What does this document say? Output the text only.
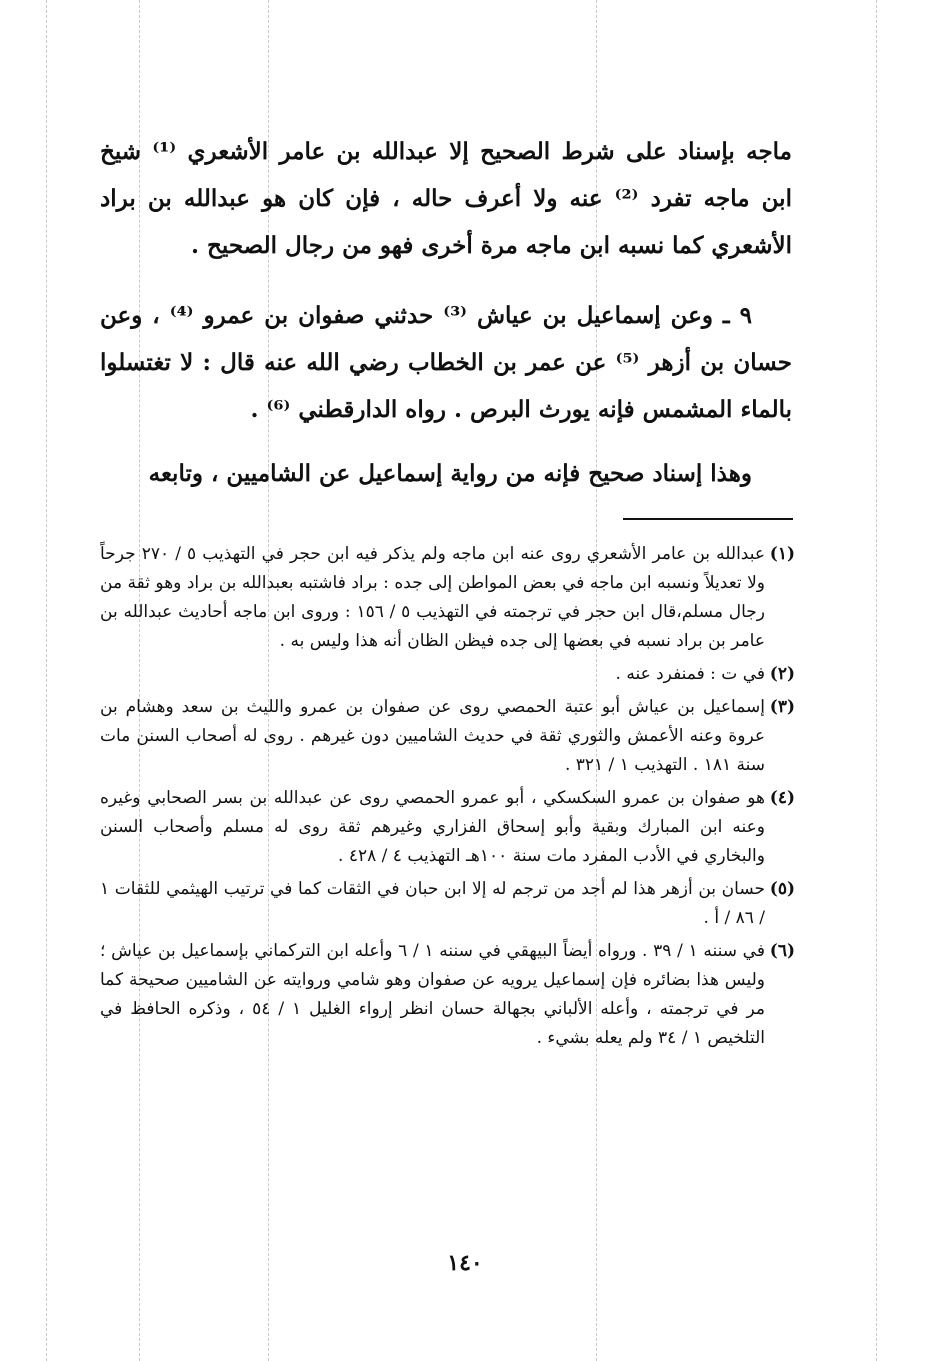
ماجه بإسناد على شرط الصحيح إلا عبدالله بن عامر الأشعري ⁽¹⁾ شيخ ابن ماجه تفرد ⁽²⁾ عنه ولا أعرف حاله ، فإن كان هو عبدالله بن براد الأشعري كما نسبه ابن ماجه مرة أخرى فهو من رجال الصحيح .
٩ ـ وعن إسماعيل بن عياش ⁽³⁾ حدثني صفوان بن عمرو ⁽⁴⁾ ، وعن حسان بن أزهر ⁽⁵⁾ عن عمر بن الخطاب رضي الله عنه قال : لا تغتسلوا بالماء المشمس فإنه يورث البرص . رواه الدارقطني ⁽⁶⁾ .
وهذا إسناد صحيح فإنه من رواية إسماعيل عن الشاميين ، وتابعه
(١)
عبدالله بن عامر الأشعري روى عنه ابن ماجه ولم يذكر فيه ابن حجر في التهذيب ٥ / ٢٧٠ جرحاً ولا تعديلاً ونسبه ابن ماجه في بعض المواطن إلى جده : براد فاشتبه بعبدالله بن براد وهو ثقة من رجال مسلم،قال ابن حجر في ترجمته في التهذيب ٥ / ١٥٦ : وروى ابن ماجه أحاديث عبدالله بن عامر بن براد نسبه في بعضها إلى جده فيظن الظان أنه هذا وليس به .
(٢)
في ت : فمنفرد عنه .
(٣)
إسماعيل بن عياش أبو عتبة الحمصي روى عن صفوان بن عمرو والليث بن سعد وهشام بن عروة وعنه الأعمش والثوري ثقة في حديث الشاميين دون غيرهم . روى له أصحاب السنن مات سنة ١٨١ . التهذيب ١ / ٣٢١ .
(٤)
هو صفوان بن عمرو السكسكي ، أبو عمرو الحمصي روى عن عبدالله بن بسر الصحابي وغيره وعنه ابن المبارك وبقية وأبو إسحاق الفزاري وغيرهم ثقة روى له مسلم وأصحاب السنن والبخاري في الأدب المفرد مات سنة ١٠٠هـ التهذيب ٤ / ٤٢٨ .
(٥)
حسان بن أزهر هذا لم أجد من ترجم له إلا ابن حبان في الثقات كما في ترتيب الهيثمي للثقات ١ / ٨٦ / أ .
(٦)
في سننه ١ / ٣٩ . ورواه أيضاً البيهقي في سننه ١ / ٦ وأعله ابن التركماني بإسماعيل بن عياش ؛ وليس هذا بضائره فإن إسماعيل يرويه عن صفوان وهو شامي وروايته عن الشاميين صحيحة كما مر في ترجمته ، وأعله الألباني بجهالة حسان انظر إرواء الغليل ١ / ٥٤ ، وذكره الحافظ في التلخيص ١ / ٣٤ ولم يعله بشيء .
١٤٠
